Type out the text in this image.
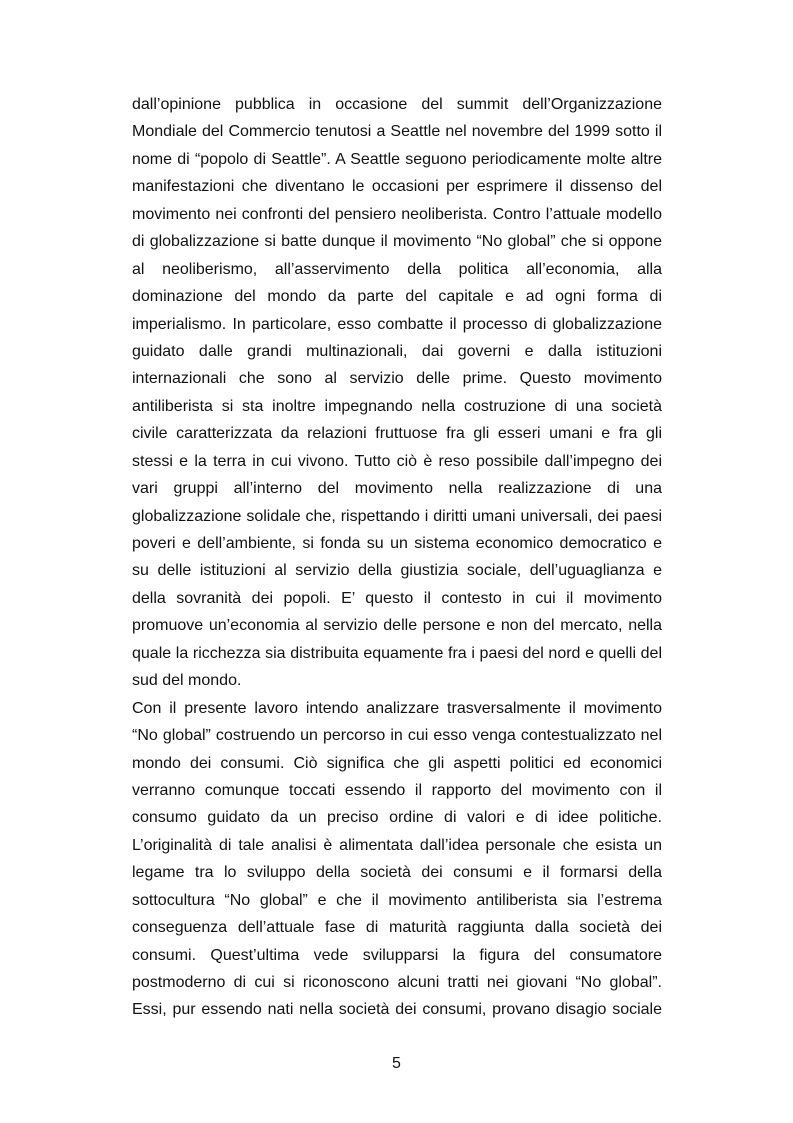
dall’opinione pubblica in occasione del summit dell’Organizzazione
Mondiale del Commercio tenutosi a Seattle nel novembre del 1999 sotto il
nome di “popolo di Seattle”. A Seattle seguono periodicamente molte altre
manifestazioni che diventano le occasioni per esprimere il dissenso del
movimento nei confronti del pensiero neoliberista. Contro l’attuale modello
di globalizzazione si batte dunque il movimento “No global” che si oppone
al neoliberismo, all’asservimento della politica all’economia, alla
dominazione del mondo da parte del capitale e ad ogni forma di
imperialismo. In particolare, esso combatte il processo di globalizzazione
guidato dalle grandi multinazionali, dai governi e dalla istituzioni
internazionali che sono al servizio delle prime. Questo movimento
antiliberista si sta inoltre impegnando nella costruzione di una società
civile caratterizzata da relazioni fruttuose fra gli esseri umani e fra gli
stessi e la terra in cui vivono. Tutto ciò è reso possibile dall’impegno dei
vari gruppi all’interno del movimento nella realizzazione di una
globalizzazione solidale che, rispettando i diritti umani universali, dei paesi
poveri e dell’ambiente, si fonda su un sistema economico democratico e
su delle istituzioni al servizio della giustizia sociale, dell’uguaglianza e
della sovranità dei popoli. E’ questo il contesto in cui il movimento
promuove un’economia al servizio delle persone e non del mercato, nella
quale la ricchezza sia distribuita equamente fra i paesi del nord e quelli del
sud del mondo.
Con il presente lavoro intendo analizzare trasversalmente il movimento
“No global” costruendo un percorso in cui esso venga contestualizzato nel
mondo dei consumi. Ciò significa che gli aspetti politici ed economici
verranno comunque toccati essendo il rapporto del movimento con il
consumo guidato da un preciso ordine di valori e di idee politiche.
L’originalità di tale analisi è alimentata dall’idea personale che esista un
legame tra lo sviluppo della società dei consumi e il formarsi della
sottocultura “No global” e che il movimento antiliberista sia l’estrema
conseguenza dell’attuale fase di maturità raggiunta dalla società dei
consumi. Quest’ultima vede svilupparsi la figura del consumatore
postmoderno di cui si riconoscono alcuni tratti nei giovani “No global”.
Essi, pur essendo nati nella società dei consumi, provano disagio sociale
5
